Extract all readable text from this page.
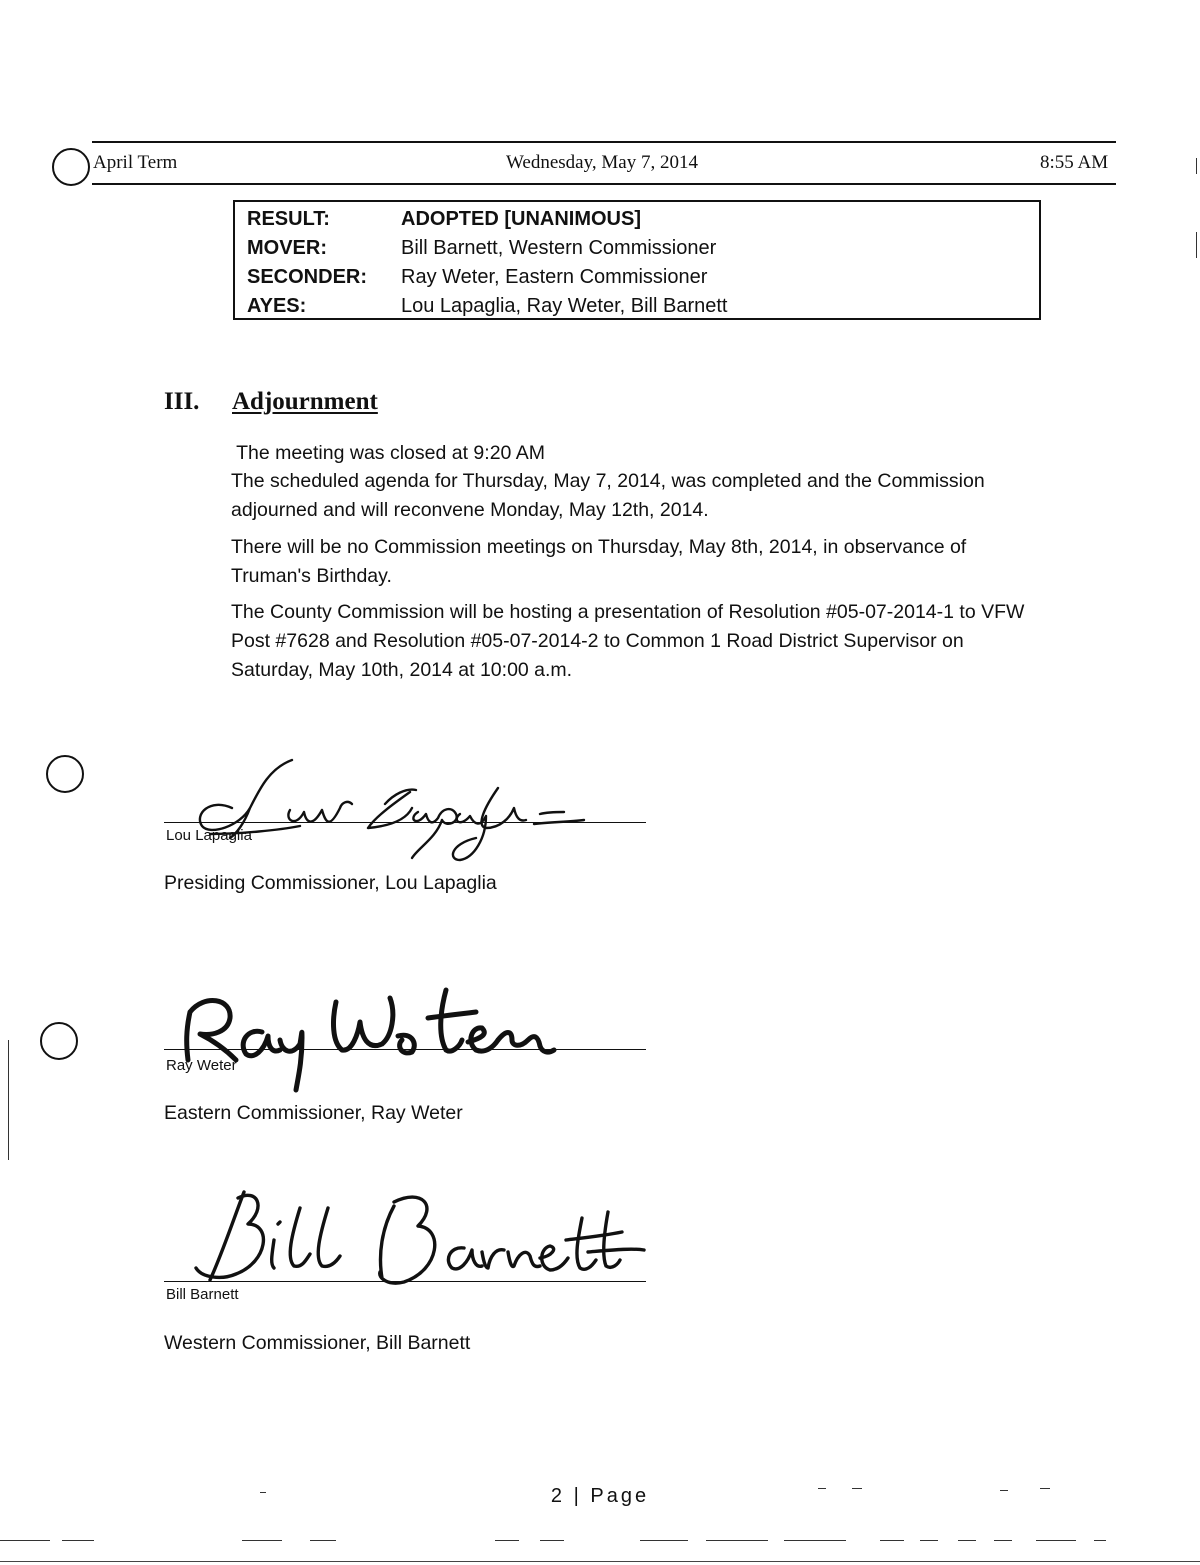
April Term	Wednesday, May 7, 2014	8:55 AM
RESULT:	ADOPTED [UNANIMOUS]
MOVER:	Bill Barnett, Western Commissioner
SECONDER: Ray Weter, Eastern Commissioner
AYES:	Lou Lapaglia, Ray Weter, Bill Barnett
III. Adjournment
The meeting was closed at 9:20 AM
The scheduled agenda for Thursday, May 7, 2014, was completed and the Commission adjourned and will reconvene Monday, May 12th, 2014.
There will be no Commission meetings on Thursday, May 8th, 2014, in observance of Truman's Birthday.
The County Commission will be hosting a presentation of Resolution #05-07-2014-1 to VFW Post #7628 and Resolution #05-07-2014-2 to Common 1 Road District Supervisor on Saturday, May 10th, 2014 at 10:00 a.m.
Lou Lapaglia
Presiding Commissioner, Lou Lapaglia
Ray Weter
Eastern Commissioner, Ray Weter
Bill Barnett
Western Commissioner, Bill Barnett
2 | Page
